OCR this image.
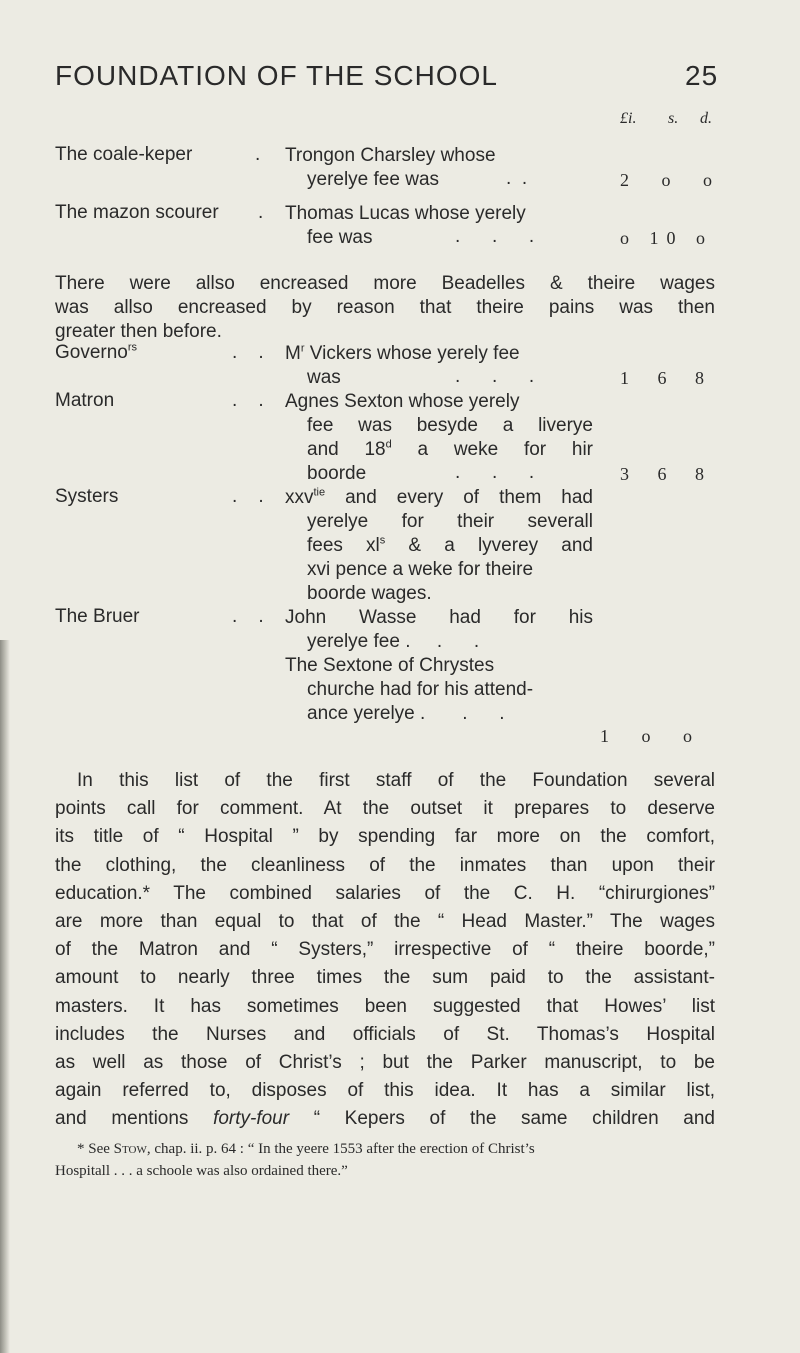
FOUNDATION OF THE SCHOOL	25
£i. s. d.
The coale-keper	. Trongon Charsley whose
yerelye fee was	.  .	2 o o
The mazon scourer . Thomas Lucas whose yerely
fee was	.      .      .	o 10 o
There were allso encreased more Beadelles & theire wages
was allso encreased by reason that theire pains was then
greater then before.
Governo$^{rs}$	.    . $M^r$ Vickers whose yerely fee
was	.      .      .	1 6 8
Matron	.    . Agnes Sexton whose yerely
fee was besyde a liverye
and 18$^d$ a weke for hir
boorde	.      .      .	3 6 8
Systers	.    . xxv$^{tie}$ and every of them had
yerelye for their severall
fees $xl^s$ & a lyverey and
xvi pence a weke for theire
boorde wages.
The Bruer	.    . John Wasse had for his
yerelye fee .     .      .
The Sextone of Chrystes
churche had for his attend-
ance yerelye .       .      .
1 o o
In this list of the first staff of the Foundation several
points call for comment. At the outset it prepares to deserve
its title of “ Hospital ” by spending far more on the comfort,
the clothing, the cleanliness of the inmates than upon their
education.* The combined salaries of the C. H. “chirurgiones”
are more than equal to that of the “ Head Master.” The wages
of the Matron and “ Systers,” irrespective of “ theire boorde,”
amount to nearly three times the sum paid to the assistant-
masters. It has sometimes been suggested that Howes’ list
includes the Nurses and officials of St. Thomas’s Hospital
as well as those of Christ’s ; but the Parker manuscript, to be
again referred to, disposes of this idea. It has a similar list,
and mentions forty-four “ Kepers of the same children and
* See Stow, chap. ii. p. 64 : “ In the yeere 1553 after the erection of Christ’s
Hospitall . . . a schoole was also ordained there.”
